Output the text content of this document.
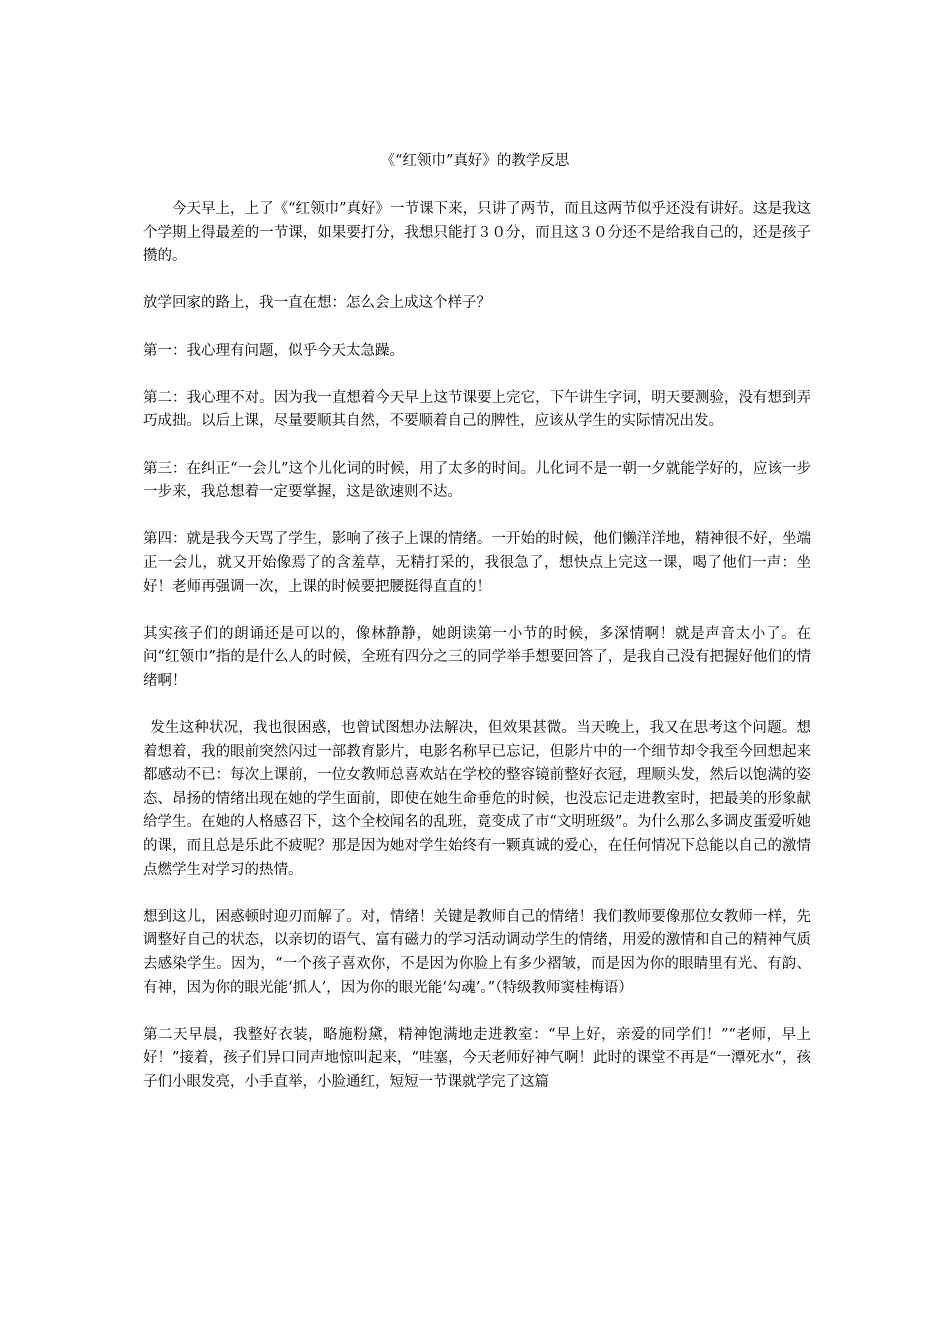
《“红领巾”真好》的教学反思

今天早上，上了《“红领巾”真好》一节课下来，只讲了两节，而且这两节似乎还没有讲好。这是我这个学期上得最差的一节课，如果要打分，我想只能打３０分，而且这３０分还不是给我自己的，还是孩子攒的。

放学回家的路上，我一直在想：怎么会上成这个样子？

第一：我心理有问题，似乎今天太急躁。

第二：我心理不对。因为我一直想着今天早上这节课要上完它，下午讲生字词，明天要测验，没有想到弄巧成拙。以后上课，尽量要顺其自然，不要顺着自己的脾性，应该从学生的实际情况出发。

第三：在纠正“一会儿”这个儿化词的时候，用了太多的时间。儿化词不是一朝一夕就能学好的，应该一步一步来，我总想着一定要掌握，这是欲速则不达。

第四：就是我今天骂了学生，影响了孩子上课的情绪。一开始的时候，他们懒洋洋地，精神很不好，坐端正一会儿，就又开始像焉了的含羞草，无精打采的，我很急了，想快点上完这一课，喝了他们一声：坐好！老师再强调一次，上课的时候要把腰挺得直直的！

其实孩子们的朗诵还是可以的，像林静静，她朗读第一小节的时候，多深情啊！就是声音太小了。在问“红领巾”指的是什么人的时候，全班有四分之三的同学举手想要回答了，是我自己没有把握好他们的情绪啊！

发生这种状况，我也很困惑，也曾试图想办法解决，但效果甚微。当天晚上，我又在思考这个问题。想着想着，我的眼前突然闪过一部教育影片，电影名称早已忘记，但影片中的一个细节却令我至今回想起来都感动不已：每次上课前，一位女教师总喜欢站在学校的整容镜前整好衣冠，理顺头发，然后以饱满的姿态、昂扬的情绪出现在她的学生面前，即使在她生命垂危的时候，也没忘记走进教室时，把最美的形象献给学生。在她的人格感召下，这个全校闻名的乱班，竟变成了市“文明班级”。为什么那么多调皮蛋爱听她的课，而且总是乐此不疲呢？那是因为她对学生始终有一颗真诚的爱心，在任何情况下总能以自己的激情点燃学生对学习的热情。

想到这儿，困惑顿时迎刃而解了。对，情绪！关键是教师自己的情绪！我们教师要像那位女教师一样，先调整好自己的状态，以亲切的语气、富有磁力的学习活动调动学生的情绪，用爱的激情和自己的精神气质去感染学生。因为，“一个孩子喜欢你，不是因为你脸上有多少褶皱，而是因为你的眼睛里有光、有韵、有神，因为你的眼光能‘抓人’，因为你的眼光能‘勾魂’。”（特级教师窦桂梅语）

第二天早晨，我整好衣装，略施粉黛，精神饱满地走进教室：“早上好，亲爱的同学们！”“老师，早上好！”接着，孩子们异口同声地惊叫起来，“哇塞，今天老师好神气啊！此时的课堂不再是“一潭死水”，孩子们小眼发亮，小手直举，小脸通红，短短一节课就学完了这篇
